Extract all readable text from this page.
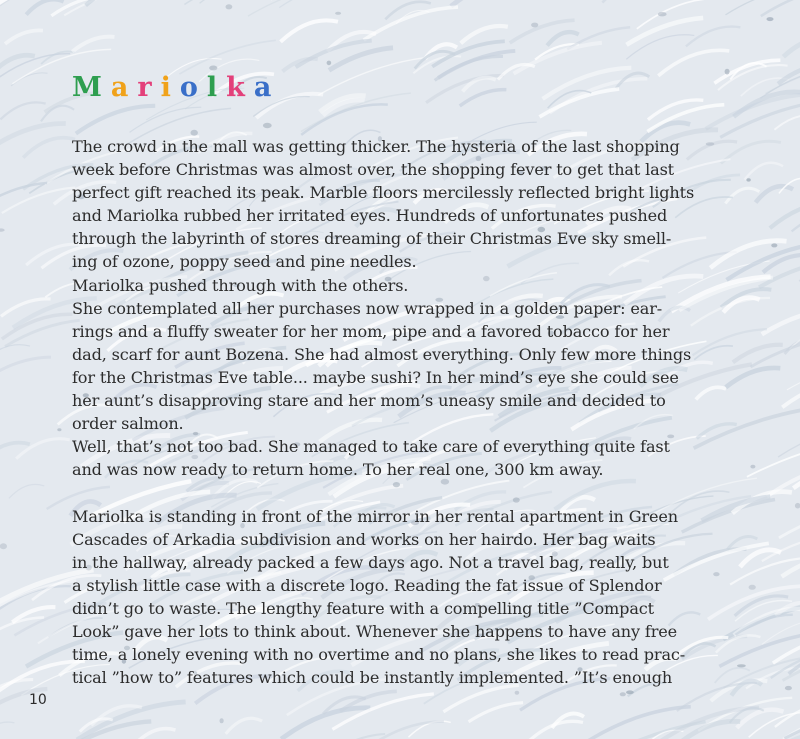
M a r i o l k a
The crowd in the mall was getting thicker. The hysteria of the last shopping
week before Christmas was almost over, the shopping fever to get that last
perfect gift reached its peak. Marble floors mercilessly reflected bright lights
and Mariolka rubbed her irritated eyes. Hundreds of unfortunates pushed
through the labyrinth of stores dreaming of their Christmas Eve sky smell-
ing of ozone, poppy seed and pine needles.
Mariolka pushed through with the others.
She contemplated all her purchases now wrapped in a golden paper: ear-
rings and a fluffy sweater for her mom, pipe and a favored tobacco for her
dad, scarf for aunt Bozena. She had almost everything. Only few more things
for the Christmas Eve table... maybe sushi? In her mind’s eye she could see
her aunt’s disapproving stare and her mom’s uneasy smile and decided to
order salmon.
Well, that’s not too bad. She managed to take care of everything quite fast
and was now ready to return home. To her real one, 300 km away.
Mariolka is standing in front of the mirror in her rental apartment in Green
Cascades of Arkadia subdivision and works on her hairdo. Her bag waits
in the hallway, already packed a few days ago. Not a travel bag, really, but
a stylish little case with a discrete logo. Reading the fat issue of Splendor
didn’t go to waste. The lengthy feature with a compelling title ”Compact
Look” gave her lots to think about. Whenever she happens to have any free
time, a lonely evening with no overtime and no plans, she likes to read prac-
tical ”how to” features which could be instantly implemented. ”It’s enough
10
